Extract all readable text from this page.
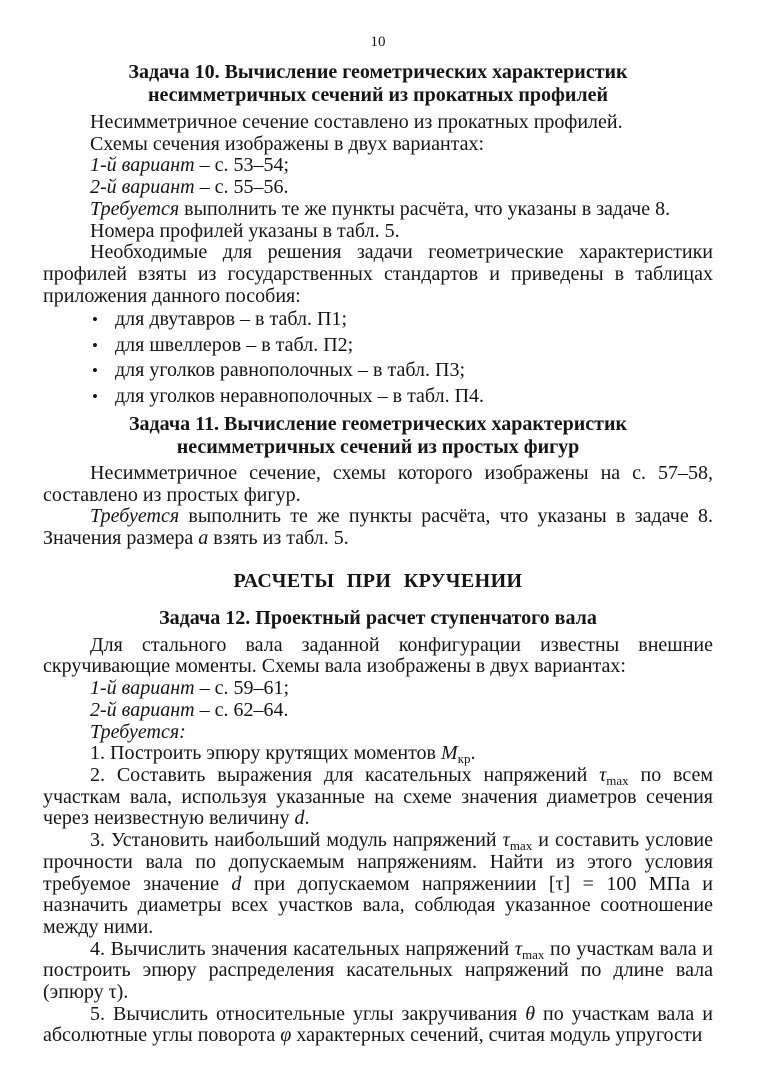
10
Задача 10. Вычисление геометрических характеристик
несимметричных сечений из прокатных профилей

Несимметричное сечение составлено из прокатных профилей.

Схемы сечения изображены в двух вариантах:

1-й вариант – с. 53–54;

2-й вариант – с. 55–56.

Требуется выполнить те же пункты расчёта, что указаны в задаче 8.

Номера профилей указаны в табл. 5.

Необходимые для решения задачи геометрические характеристики профилей взяты из государственных стандартов и приведены в таблицах приложения данного пособия:

• для двутавров – в табл. П1;
• для швеллеров – в табл. П2;
• для уголков равнополочных – в табл. П3;
• для уголков неравнополочных – в табл. П4.
Задача 11. Вычисление геометрических характеристик
несимметричных сечений из простых фигур

Несимметричное сечение, схемы которого изображены на с. 57–58, составлено из простых фигур.

Требуется выполнить те же пункты расчёта, что указаны в задаче 8. Значения размера а взять из табл. 5.

РАСЧЕТЫ ПРИ КРУЧЕНИИ
Задача 12. Проектный расчет ступенчатого вала

Для стального вала заданной конфигурации известны внешние скручивающие моменты. Схемы вала изображены в двух вариантах:

1-й вариант – с. 59–61;

2-й вариант – с. 62–64.

Требуется:

1. Построить эпюру крутящих моментов $М_{кр}$.

2. Составить выражения для касательных напряжений $\tau_{max}$ по всем участкам вала, используя указанные на схеме значения диаметров сечения через неизвестную величину d.

3. Установить наибольший модуль напряжений $\tau_{max}$ и составить условие прочности вала по допускаемым напряжениям. Найти из этого условия требуемое значение d при допускаемом напряжениии [τ] = 100 МПа и назначить диаметры всех участков вала, соблюдая указанное соотношение между ними.

4. Вычислить значения касательных напряжений $\tau_{max}$ по участкам вала и построить эпюру распределения касательных напряжений по длине вала (эпюру τ).

5. Вычислить относительные углы закручивания θ по участкам вала и абсолютные углы поворота φ характерных сечений, считая модуль упругости
